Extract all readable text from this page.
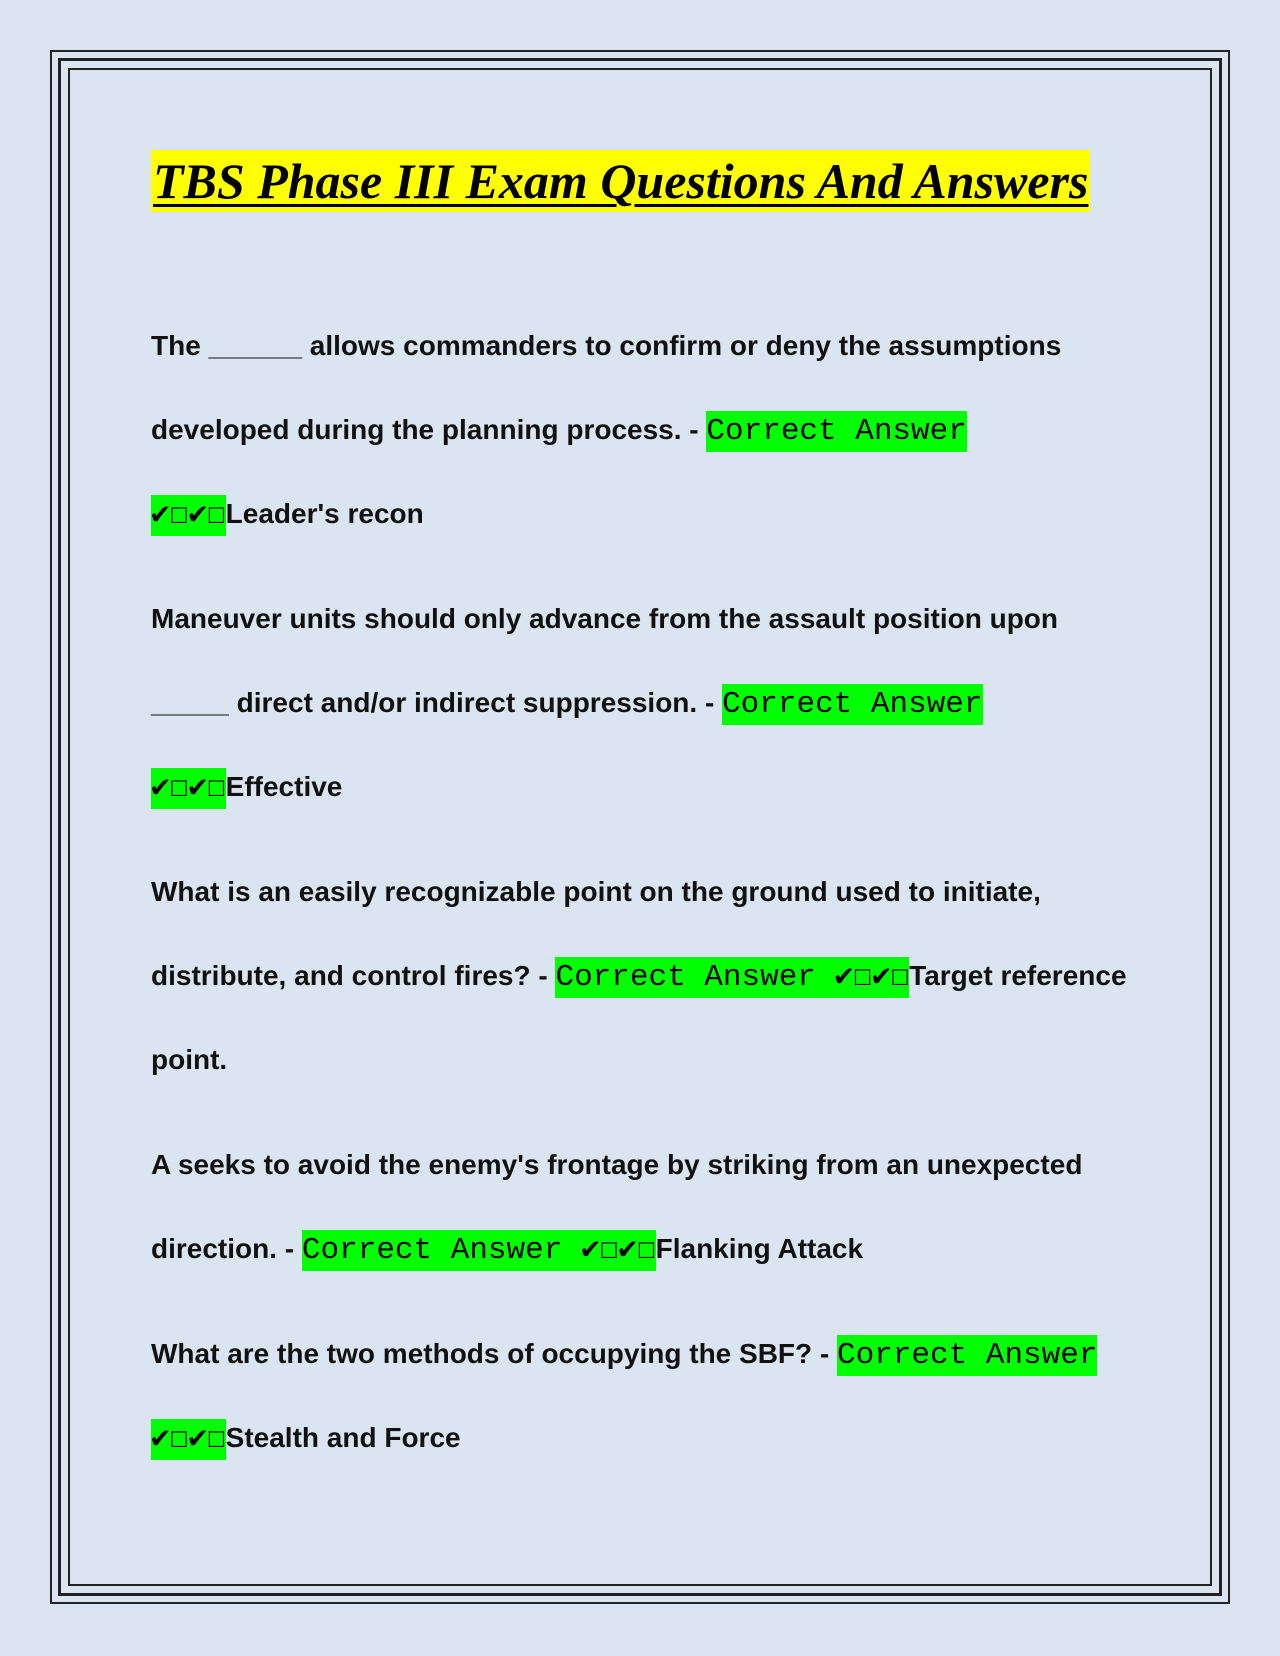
TBS Phase III Exam Questions And Answers

The ______ allows commanders to confirm or deny the assumptions developed during the planning process. - Correct Answer ✔☐✔☐Leader's recon

Maneuver units should only advance from the assault position upon _____ direct and/or indirect suppression. - Correct Answer ✔☐✔☐Effective

What is an easily recognizable point on the ground used to initiate, distribute, and control fires? - Correct Answer ✔☐✔☐Target reference point.

A seeks to avoid the enemy's frontage by striking from an unexpected direction. - Correct Answer ✔☐✔☐Flanking Attack

What are the two methods of occupying the SBF? - Correct Answer ✔☐✔☐Stealth and Force
